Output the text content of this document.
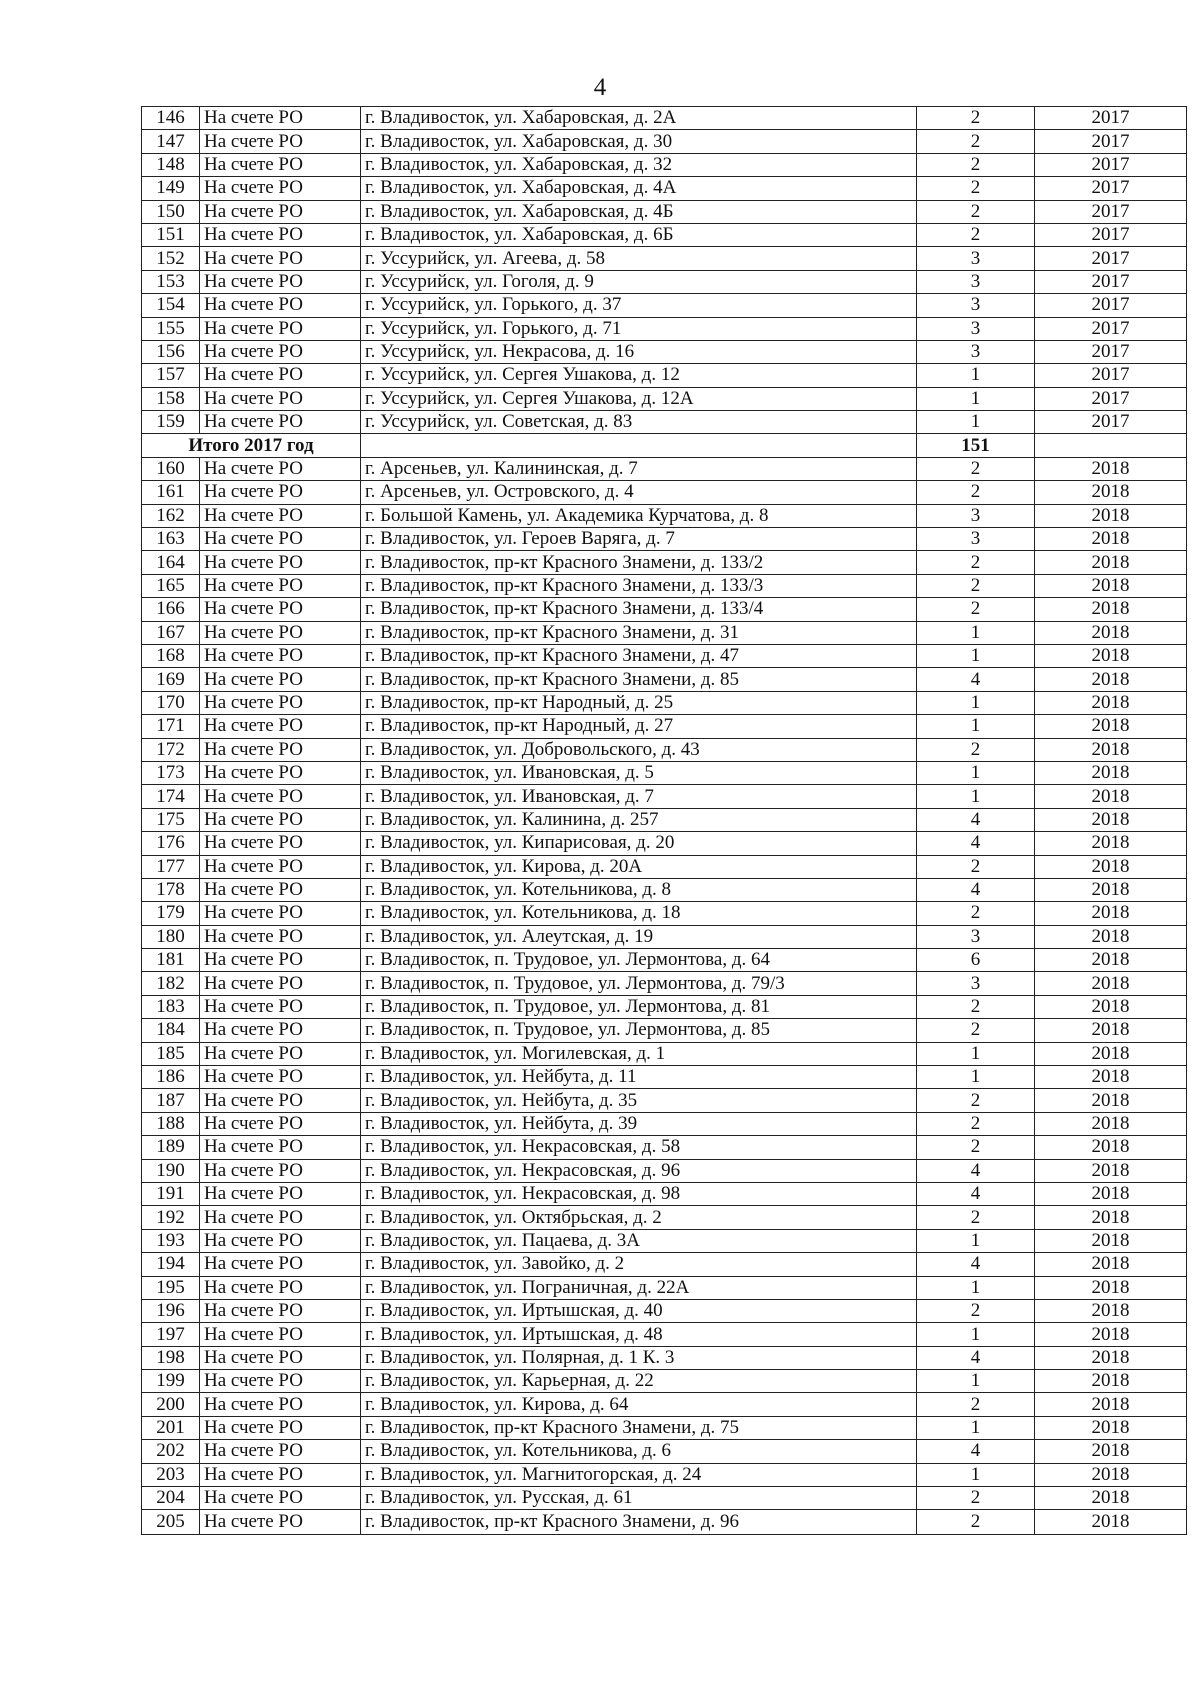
4
146	На счете РО	г. Владивосток, ул. Хабаровская, д. 2А	2	2017
147	На счете РО	г. Владивосток, ул. Хабаровская, д. 30	2	2017
148	На счете РО	г. Владивосток, ул. Хабаровская, д. 32	2	2017
149	На счете РО	г. Владивосток, ул. Хабаровская, д. 4А	2	2017
150	На счете РО	г. Владивосток, ул. Хабаровская, д. 4Б	2	2017
151	На счете РО	г. Владивосток, ул. Хабаровская, д. 6Б	2	2017
152	На счете РО	г. Уссурийск, ул. Агеева, д. 58	3	2017
153	На счете РО	г. Уссурийск, ул. Гоголя, д. 9	3	2017
154	На счете РО	г. Уссурийск, ул. Горького, д. 37	3	2017
155	На счете РО	г. Уссурийск, ул. Горького, д. 71	3	2017
156	На счете РО	г. Уссурийск, ул. Некрасова, д. 16	3	2017
157	На счете РО	г. Уссурийск, ул. Сергея Ушакова, д. 12	1	2017
158	На счете РО	г. Уссурийск, ул. Сергея Ушакова, д. 12А	1	2017
159	На счете РО	г. Уссурийск, ул. Советская, д. 83	1	2017
Итого 2017 год			151	
160	На счете РО	г. Арсеньев, ул. Калининская, д. 7	2	2018
161	На счете РО	г. Арсеньев, ул. Островского, д. 4	2	2018
162	На счете РО	г. Большой Камень, ул. Академика Курчатова, д. 8	3	2018
163	На счете РО	г. Владивосток, ул. Героев Варяга, д. 7	3	2018
164	На счете РО	г. Владивосток, пр-кт Красного Знамени, д. 133/2	2	2018
165	На счете РО	г. Владивосток, пр-кт Красного Знамени, д. 133/3	2	2018
166	На счете РО	г. Владивосток, пр-кт Красного Знамени, д. 133/4	2	2018
167	На счете РО	г. Владивосток, пр-кт Красного Знамени, д. 31	1	2018
168	На счете РО	г. Владивосток, пр-кт Красного Знамени, д. 47	1	2018
169	На счете РО	г. Владивосток, пр-кт Красного Знамени, д. 85	4	2018
170	На счете РО	г. Владивосток, пр-кт Народный, д. 25	1	2018
171	На счете РО	г. Владивосток, пр-кт Народный, д. 27	1	2018
172	На счете РО	г. Владивосток, ул. Добровольского, д. 43	2	2018
173	На счете РО	г. Владивосток, ул. Ивановская, д. 5	1	2018
174	На счете РО	г. Владивосток, ул. Ивановская, д. 7	1	2018
175	На счете РО	г. Владивосток, ул. Калинина, д. 257	4	2018
176	На счете РО	г. Владивосток, ул. Кипарисовая, д. 20	4	2018
177	На счете РО	г. Владивосток, ул. Кирова, д. 20А	2	2018
178	На счете РО	г. Владивосток, ул. Котельникова, д. 8	4	2018
179	На счете РО	г. Владивосток, ул. Котельникова, д. 18	2	2018
180	На счете РО	г. Владивосток, ул. Алеутская, д. 19	3	2018
181	На счете РО	г. Владивосток, п. Трудовое, ул. Лермонтова, д. 64	6	2018
182	На счете РО	г. Владивосток, п. Трудовое, ул. Лермонтова, д. 79/3	3	2018
183	На счете РО	г. Владивосток, п. Трудовое, ул. Лермонтова, д. 81	2	2018
184	На счете РО	г. Владивосток, п. Трудовое, ул. Лермонтова, д. 85	2	2018
185	На счете РО	г. Владивосток, ул. Могилевская, д. 1	1	2018
186	На счете РО	г. Владивосток, ул. Нейбута, д. 11	1	2018
187	На счете РО	г. Владивосток, ул. Нейбута, д. 35	2	2018
188	На счете РО	г. Владивосток, ул. Нейбута, д. 39	2	2018
189	На счете РО	г. Владивосток, ул. Некрасовская, д. 58	2	2018
190	На счете РО	г. Владивосток, ул. Некрасовская, д. 96	4	2018
191	На счете РО	г. Владивосток, ул. Некрасовская, д. 98	4	2018
192	На счете РО	г. Владивосток, ул. Октябрьская, д. 2	2	2018
193	На счете РО	г. Владивосток, ул. Пацаева, д. 3А	1	2018
194	На счете РО	г. Владивосток, ул. Завойко, д. 2	4	2018
195	На счете РО	г. Владивосток, ул. Пограничная, д. 22А	1	2018
196	На счете РО	г. Владивосток, ул. Иртышская, д. 40	2	2018
197	На счете РО	г. Владивосток, ул. Иртышская, д. 48	1	2018
198	На счете РО	г. Владивосток, ул. Полярная, д. 1 К. 3	4	2018
199	На счете РО	г. Владивосток, ул. Карьерная, д. 22	1	2018
200	На счете РО	г. Владивосток, ул. Кирова, д. 64	2	2018
201	На счете РО	г. Владивосток, пр-кт Красного Знамени, д. 75	1	2018
202	На счете РО	г. Владивосток, ул. Котельникова, д. 6	4	2018
203	На счете РО	г. Владивосток, ул. Магнитогорская, д. 24	1	2018
204	На счете РО	г. Владивосток, ул. Русская, д. 61	2	2018
205	На счете РО	г. Владивосток, пр-кт Красного Знамени, д. 96	2	2018
